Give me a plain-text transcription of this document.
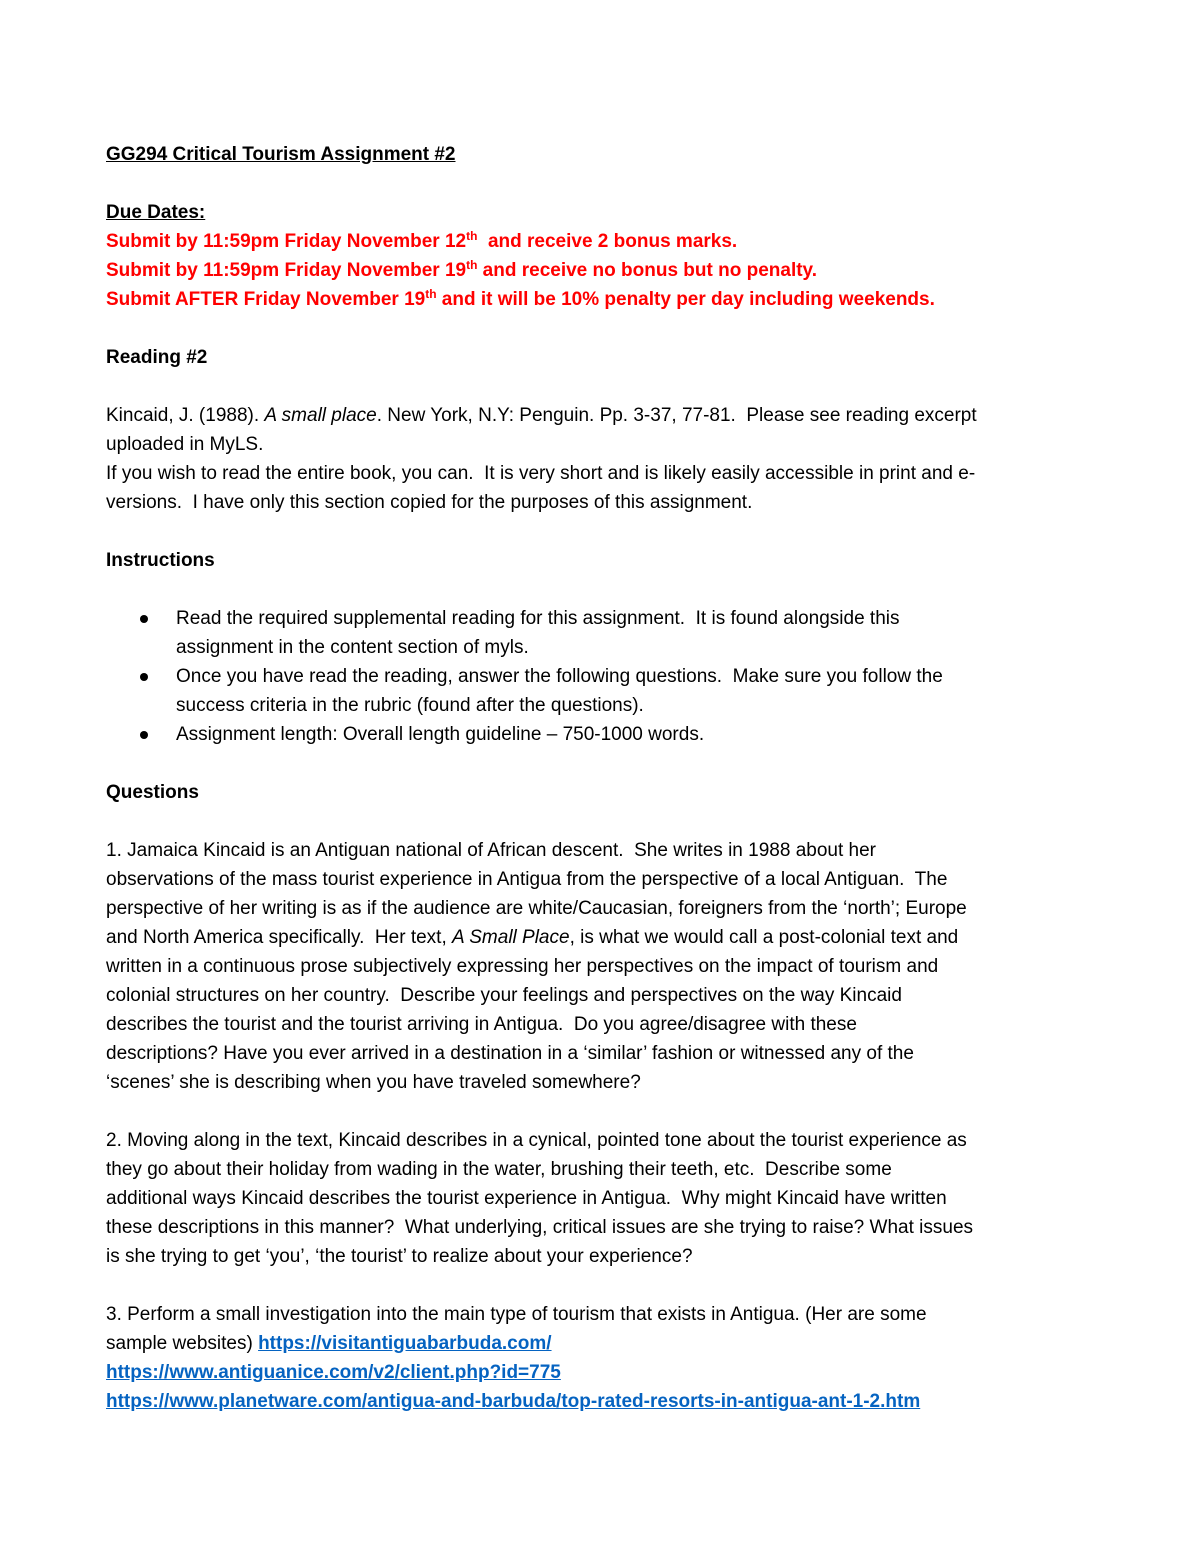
GG294 Critical Tourism Assignment #2
Due Dates:
Submit by 11:59pm Friday November 12th  and receive 2 bonus marks.
Submit by 11:59pm Friday November 19th and receive no bonus but no penalty.
Submit AFTER Friday November 19th and it will be 10% penalty per day including weekends.
Reading #2
Kincaid, J. (1988). A small place. New York, N.Y: Penguin. Pp. 3-37, 77-81.  Please see reading excerpt
uploaded in MyLS.
If you wish to read the entire book, you can.  It is very short and is likely easily accessible in print and e-
versions.  I have only this section copied for the purposes of this assignment.
Instructions
Read the required supplemental reading for this assignment.  It is found alongside this
assignment in the content section of myls.
Once you have read the reading, answer the following questions.  Make sure you follow the
success criteria in the rubric (found after the questions).
Assignment length: Overall length guideline – 750-1000 words.
Questions
1. Jamaica Kincaid is an Antiguan national of African descent.  She writes in 1988 about her
observations of the mass tourist experience in Antigua from the perspective of a local Antiguan.  The
perspective of her writing is as if the audience are white/Caucasian, foreigners from the ‘north’; Europe
and North America specifically.  Her text, A Small Place, is what we would call a post-colonial text and
written in a continuous prose subjectively expressing her perspectives on the impact of tourism and
colonial structures on her country.  Describe your feelings and perspectives on the way Kincaid
describes the tourist and the tourist arriving in Antigua.  Do you agree/disagree with these
descriptions? Have you ever arrived in a destination in a ‘similar’ fashion or witnessed any of the
‘scenes’ she is describing when you have traveled somewhere?
2. Moving along in the text, Kincaid describes in a cynical, pointed tone about the tourist experience as
they go about their holiday from wading in the water, brushing their teeth, etc.  Describe some
additional ways Kincaid describes the tourist experience in Antigua.  Why might Kincaid have written
these descriptions in this manner?  What underlying, critical issues are she trying to raise? What issues
is she trying to get ‘you’, ‘the tourist’ to realize about your experience?
3. Perform a small investigation into the main type of tourism that exists in Antigua. (Her are some
sample websites) https://visitantiguabarbuda.com/
https://www.antiguanice.com/v2/client.php?id=775
https://www.planetware.com/antigua-and-barbuda/top-rated-resorts-in-antigua-ant-1-2.htm
